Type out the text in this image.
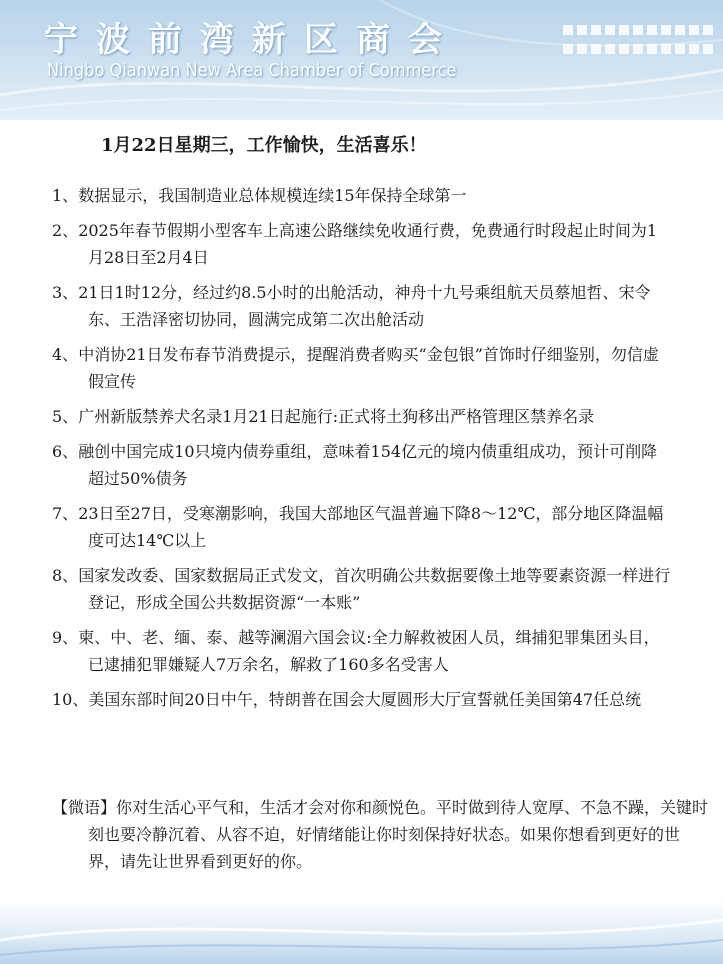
宁波前湾新区商会
Ningbo Qianwan New Area Chamber of Commerce
1月22日星期三，工作愉快，生活喜乐！
1、数据显示，我国制造业总体规模连续15年保持全球第一
2、2025年春节假期小型客车上高速公路继续免收通行费，免费通行时段起止时间为1月28日至2月4日
3、21日1时12分，经过约8.5小时的出舱活动，神舟十九号乘组航天员蔡旭哲、宋令东、王浩泽密切协同，圆满完成第二次出舱活动
4、中消协21日发布春节消费提示，提醒消费者购买“金包银”首饰时仔细鉴别，勿信虚假宣传
5、广州新版禁养犬名录1月21日起施行:正式将土狗移出严格管理区禁养名录
6、融创中国完成10只境内债券重组，意味着154亿元的境内债重组成功，预计可削降超过50%债务
7、23日至27日，受寒潮影响，我国大部地区气温普遍下降8～12℃，部分地区降温幅度可达14℃以上
8、国家发改委、国家数据局正式发文，首次明确公共数据要像土地等要素资源一样进行登记，形成全国公共数据资源“一本账”
9、柬、中、老、缅、泰、越等澜湄六国会议:全力解救被困人员，缉捕犯罪集团头目，已逮捕犯罪嫌疑人7万余名，解救了160多名受害人
10、美国东部时间20日中午，特朗普在国会大厦圆形大厅宣誓就任美国第47任总统
【微语】你对生活心平气和，生活才会对你和颜悦色。平时做到待人宽厚、不急不躁，关键时刻也要冷静沉着、从容不迫，好情绪能让你时刻保持好状态。如果你想看到更好的世界，请先让世界看到更好的你。
